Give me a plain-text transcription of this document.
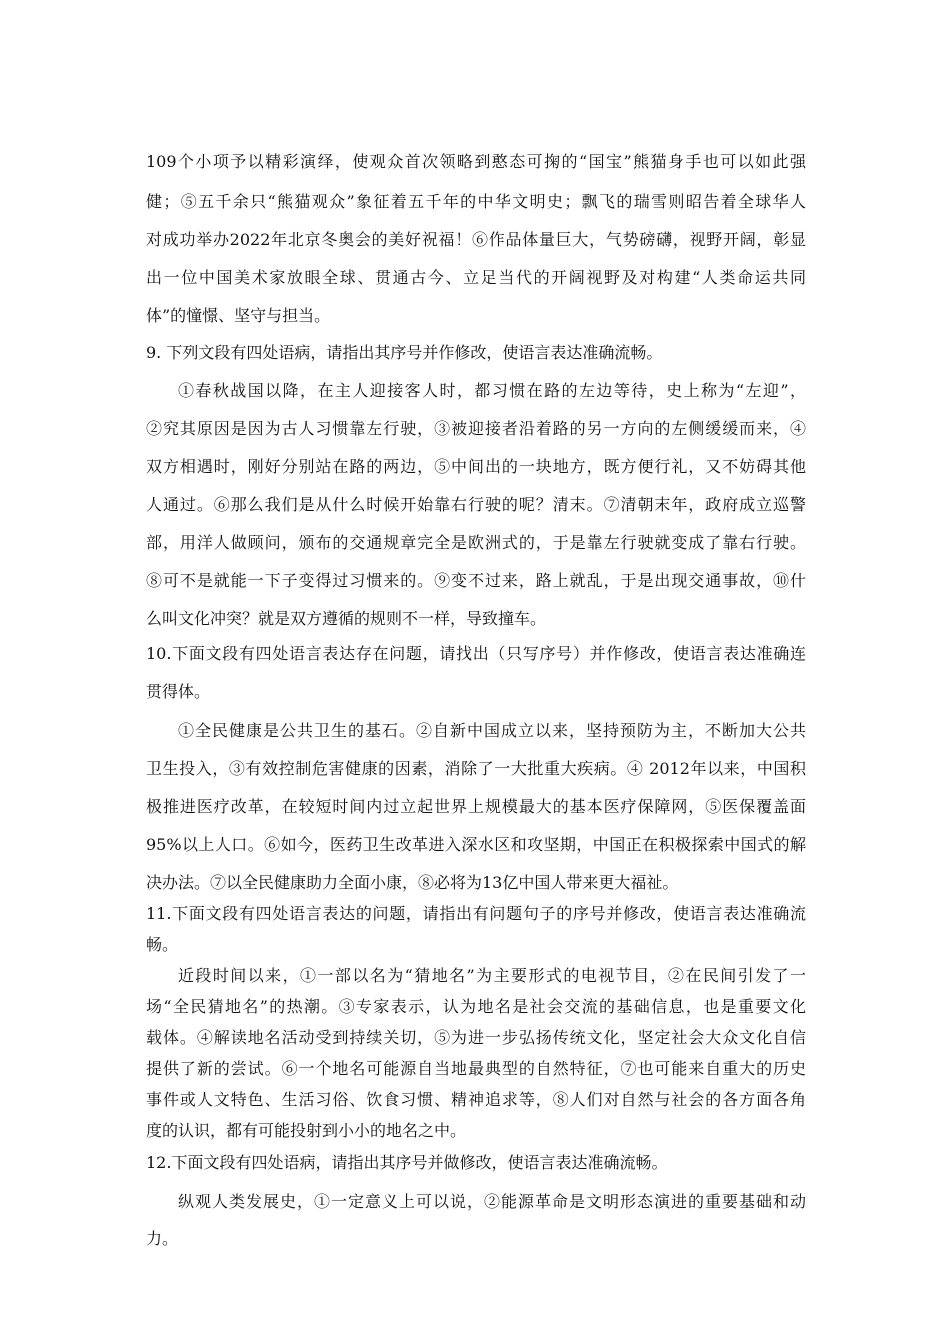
109个小项予以精彩演绎，使观众首次领略到憨态可掬的“国宝”熊猫身手也可以如此强
健；⑤五千余只“熊猫观众”象征着五千年的中华文明史；飘飞的瑞雪则昭告着全球华人
对成功举办2022年北京冬奥会的美好祝福！⑥作品体量巨大，气势磅礴，视野开阔，彰显
出一位中国美术家放眼全球、贯通古今、立足当代的开阔视野及对构建“人类命运共同
体”的憧憬、坚守与担当。
9. 下列文段有四处语病，请指出其序号并作修改，使语言表达准确流畅。
①春秋战国以降，在主人迎接客人时，都习惯在路的左边等待，史上称为“左迎”，
②究其原因是因为古人习惯靠左行驶，③被迎接者沿着路的另一方向的左侧缓缓而来，④
双方相遇时，刚好分别站在路的两边，⑤中间出的一块地方，既方便行礼，又不妨碍其他
人通过。⑥那么我们是从什么时候开始靠右行驶的呢？清末。⑦清朝末年，政府成立巡警
部，用洋人做顾问，颁布的交通规章完全是欧洲式的，于是靠左行驶就变成了靠右行驶。
⑧可不是就能一下子变得过习惯来的。⑨变不过来，路上就乱，于是出现交通事故，⑩什
么叫文化冲突？就是双方遵循的规则不一样，导致撞车。
10.下面文段有四处语言表达存在问题，请找出（只写序号）并作修改，使语言表达准确连
贯得体。
①全民健康是公共卫生的基石。②自新中国成立以来，坚持预防为主，不断加大公共
卫生投入，③有效控制危害健康的因素，消除了一大批重大疾病。④ 2012年以来，中国积
极推进医疗改革，在较短时间内过立起世界上规模最大的基本医疗保障网，⑤医保覆盖面
95%以上人口。⑥如今，医药卫生改革进入深水区和攻坚期，中国正在积极探索中国式的解
决办法。⑦以全民健康助力全面小康，⑧必将为13亿中国人带来更大福祉。
11.下面文段有四处语言表达的问题，请指出有问题句子的序号并修改，使语言表达准确流
畅。
近段时间以来，①一部以名为“猜地名”为主要形式的电视节目，②在民间引发了一
场“全民猜地名”的热潮。③专家表示，认为地名是社会交流的基础信息，也是重要文化
载体。④解读地名活动受到持续关切，⑤为进一步弘扬传统文化，坚定社会大众文化自信
提供了新的尝试。⑥一个地名可能源自当地最典型的自然特征，⑦也可能来自重大的历史
事件或人文特色、生活习俗、饮食习惯、精神追求等，⑧人们对自然与社会的各方面各角
度的认识，都有可能投射到小小的地名之中。
12.下面文段有四处语病，请指出其序号并做修改，使语言表达准确流畅。
纵观人类发展史，①一定意义上可以说，②能源革命是文明形态演进的重要基础和动
力。
